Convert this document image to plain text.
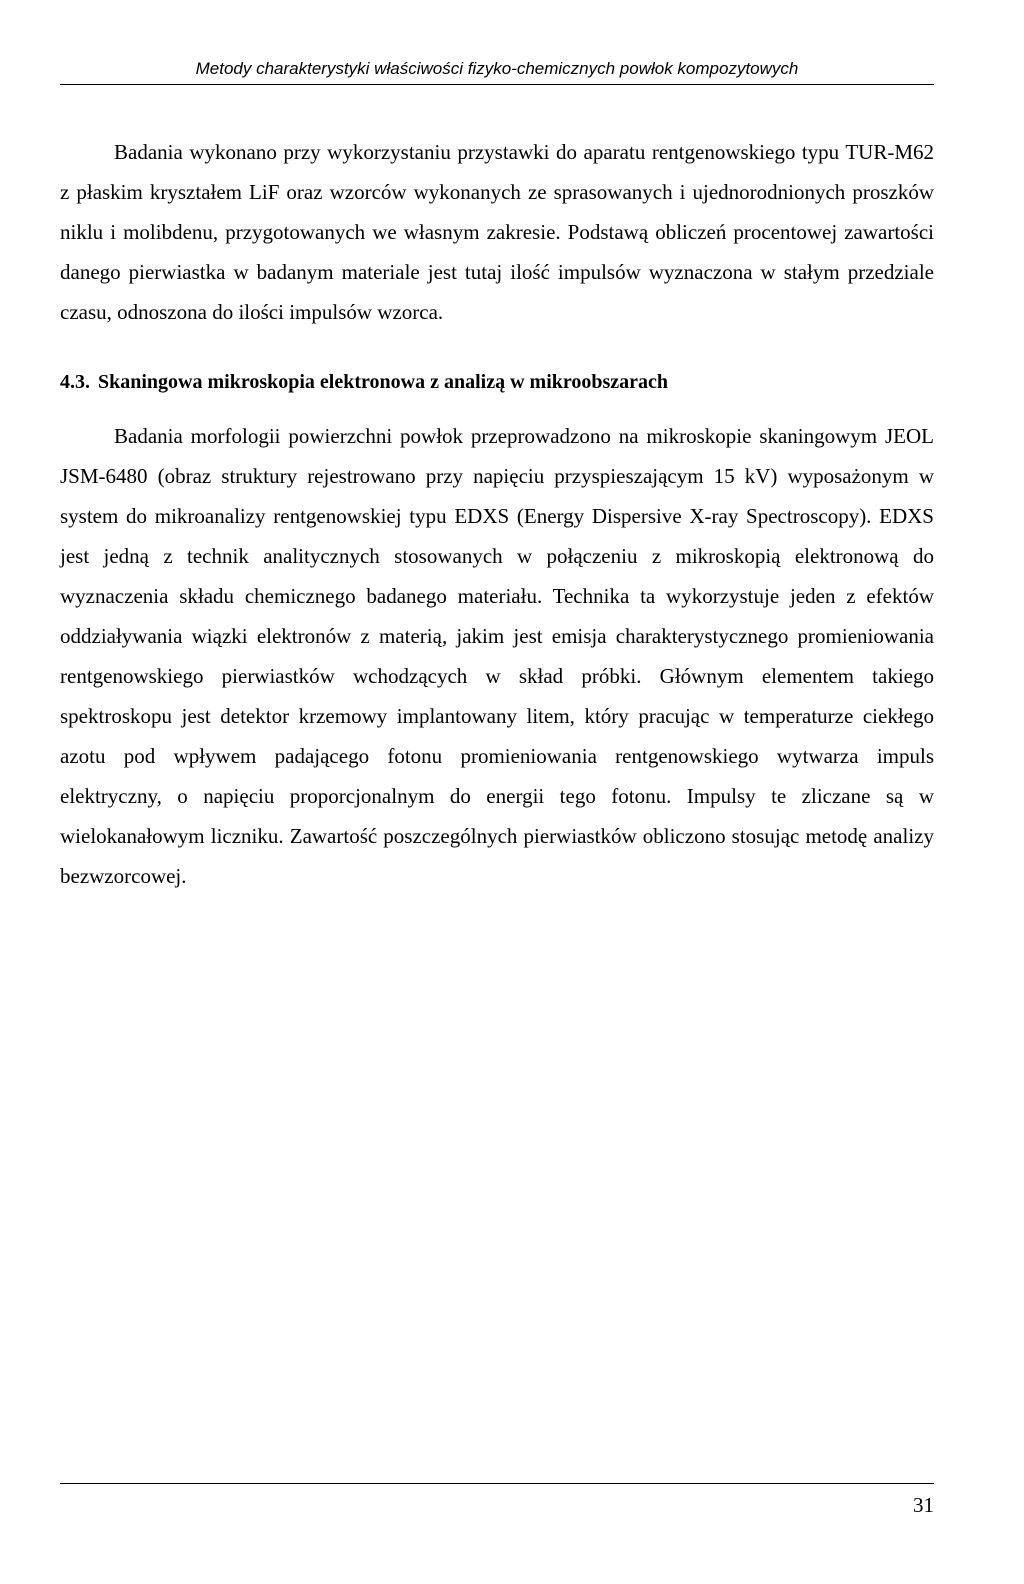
Metody charakterystyki właściwości fizyko-chemicznych powłok kompozytowych

Badania wykonano przy wykorzystaniu przystawki do aparatu rentgenowskiego typu TUR-M62 z płaskim kryształem LiF oraz wzorców wykonanych ze sprasowanych i ujednorodnionych proszków niklu i molibdenu, przygotowanych we własnym zakresie. Podstawą obliczeń procentowej zawartości danego pierwiastka w badanym materiale jest tutaj ilość impulsów wyznaczona w stałym przedziale czasu, odnoszona do ilości impulsów wzorca.

4.3. Skaningowa mikroskopia elektronowa z analizą w mikroobszarach

Badania morfologii powierzchni powłok przeprowadzono na mikroskopie skaningowym JEOL JSM-6480 (obraz struktury rejestrowano przy napięciu przyspieszającym 15 kV) wyposażonym w system do mikroanalizy rentgenowskiej typu EDXS (Energy Dispersive X-ray Spectroscopy). EDXS jest jedną z technik analitycznych stosowanych w połączeniu z mikroskopią elektronową do wyznaczenia składu chemicznego badanego materiału. Technika ta wykorzystuje jeden z efektów oddziaływania wiązki elektronów z materią, jakim jest emisja charakterystycznego promieniowania rentgenowskiego pierwiastków wchodzących w skład próbki. Głównym elementem takiego spektroskopu jest detektor krzemowy implantowany litem, który pracując w temperaturze ciekłego azotu pod wpływem padającego fotonu promieniowania rentgenowskiego wytwarza impuls elektryczny, o napięciu proporcjonalnym do energii tego fotonu. Impulsy te zliczane są w wielokanałowym liczniku. Zawartość poszczególnych pierwiastków obliczono stosując metodę analizy bezwzorcowej.

31
